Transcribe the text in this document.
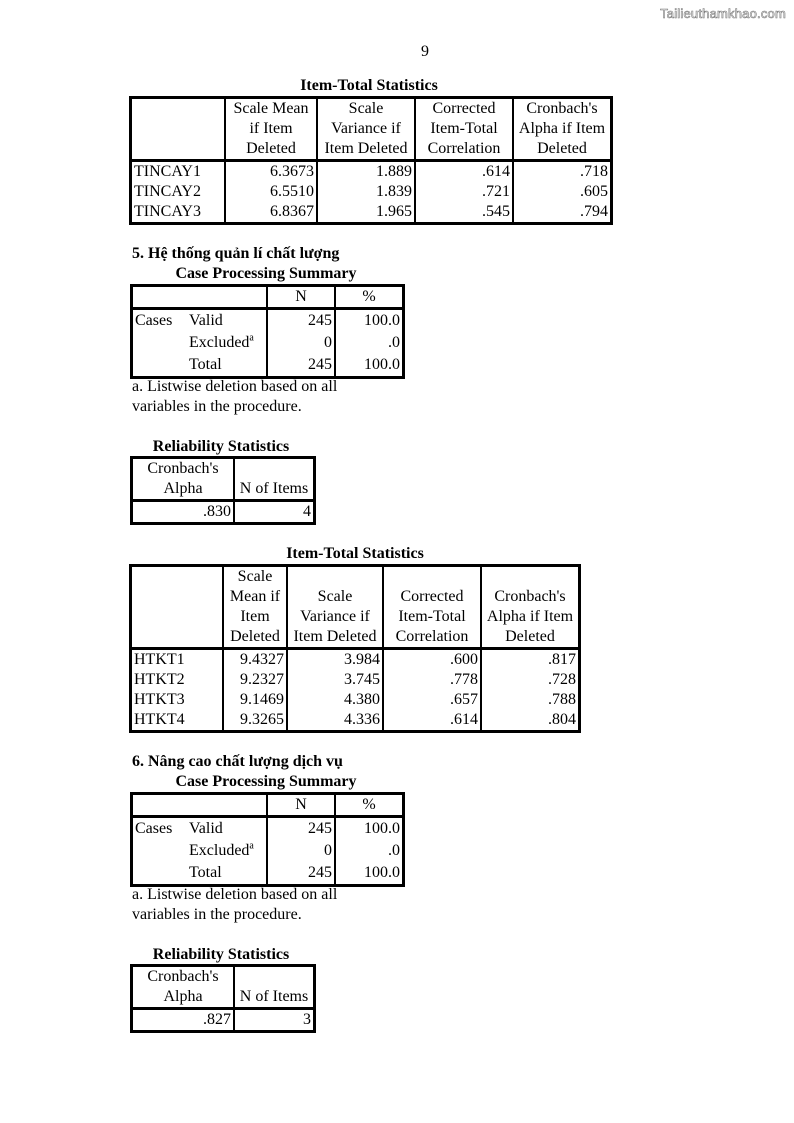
Tailieuthamkhao.com
9
Item-Total Statistics
	Scale Mean
if Item
Deleted	Scale
Variance if
Item Deleted	Corrected
Item-Total
Correlation	Cronbach's
Alpha if Item
Deleted
TINCAY1	6.3673	1.889	.614	.718
TINCAY2	6.5510	1.839	.721	.605
TINCAY3	6.8367	1.965	.545	.794
5. Hệ thống quản lí chất lượng
Case Processing Summary
		N	%
Cases	Valid	245	100.0
	Excluded$^a$	0	.0
	Total	245	100.0
a. Listwise deletion based on all
variables in the procedure.
Reliability Statistics
Cronbach's
Alpha	N of Items
.830	4
Item-Total Statistics
	Scale
Mean if
Item
Deleted	Scale
Variance if
Item Deleted	Corrected
Item-Total
Correlation	Cronbach's
Alpha if Item
Deleted
HTKT1	9.4327	3.984	.600	.817
HTKT2	9.2327	3.745	.778	.728
HTKT3	9.1469	4.380	.657	.788
HTKT4	9.3265	4.336	.614	.804
6. Nâng cao chất lượng dịch vụ
Case Processing Summary
		N	%
Cases	Valid	245	100.0
	Excluded$^a$	0	.0
	Total	245	100.0
a. Listwise deletion based on all
variables in the procedure.
Reliability Statistics
Cronbach's
Alpha	N of Items
.827	3
